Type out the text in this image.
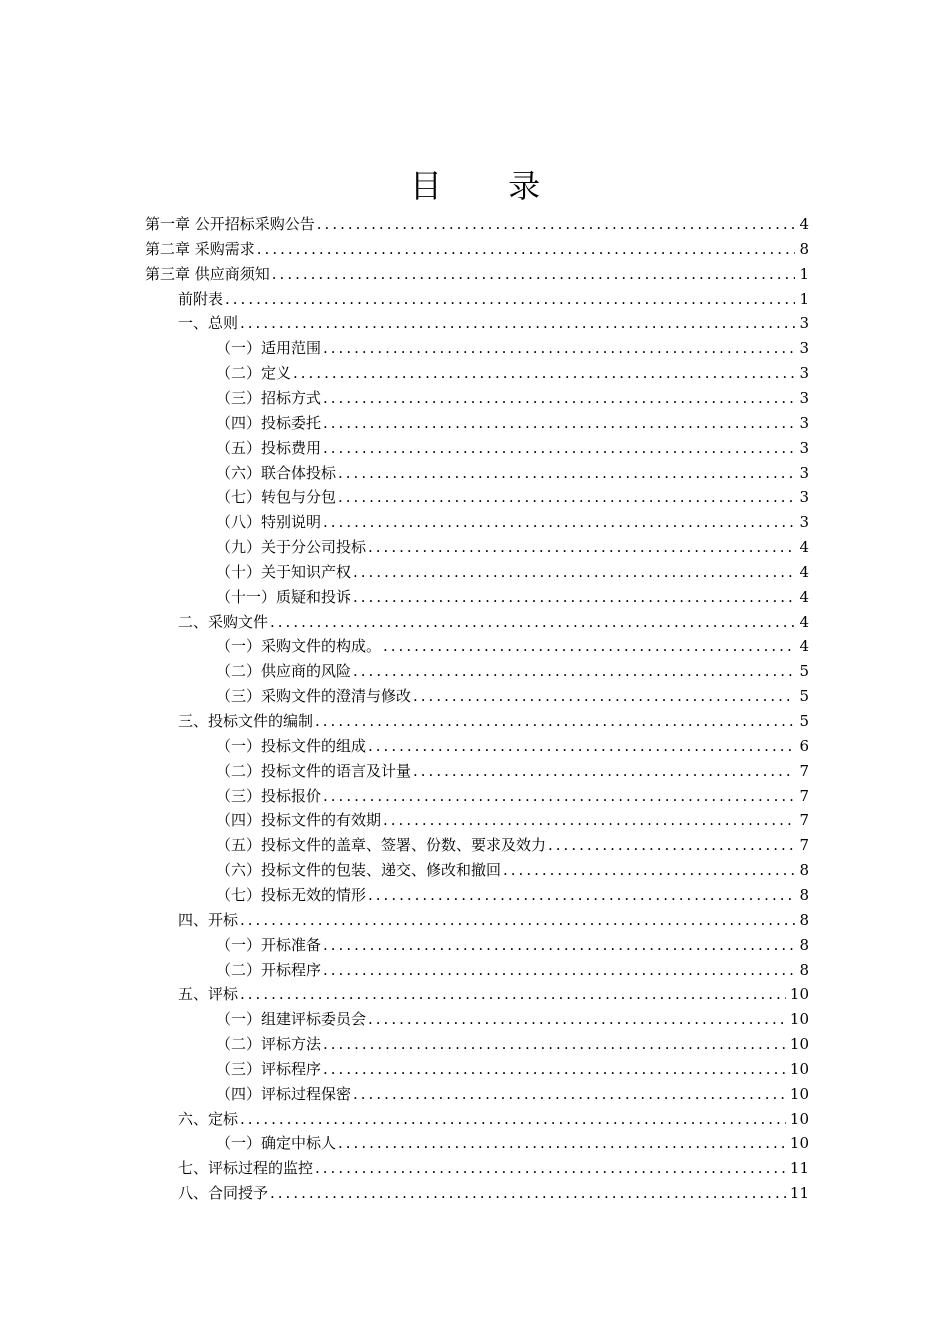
目 录
第一章 公开招标采购公告 .....	4
第二章 采购需求 .....	8
第三章 供应商须知 .....	1
前附表 .....	1
一、总则 .....	3
（一）适用范围 .....	3
（二）定义 .....	3
（三）招标方式 .....	3
（四）投标委托 .....	3
（五）投标费用 .....	3
（六）联合体投标 .....	3
（七）转包与分包 .....	3
（八）特别说明 .....	3
（九）关于分公司投标 .....	4
（十）关于知识产权 .....	4
（十一）质疑和投诉 .....	4
二、采购文件 .....	4
（一）采购文件的构成。 .....	4
（二）供应商的风险 .....	5
（三）采购文件的澄清与修改 .....	5
三、投标文件的编制 .....	5
（一）投标文件的组成 .....	6
（二）投标文件的语言及计量 .....	7
（三）投标报价 .....	7
（四）投标文件的有效期 .....	7
（五）投标文件的盖章、签署、份数、要求及效力 .....	7
（六）投标文件的包装、递交、修改和撤回 .....	8
（七）投标无效的情形 .....	8
四、开标 .....	8
（一）开标准备 .....	8
（二）开标程序 .....	8
五、评标 .....	10
（一）组建评标委员会 .....	10
（二）评标方法 .....	10
（三）评标程序 .....	10
（四）评标过程保密 .....	10
六、定标 .....	10
（一）确定中标人 .....	10
七、评标过程的监控 .....	11
八、合同授予 .....	11
